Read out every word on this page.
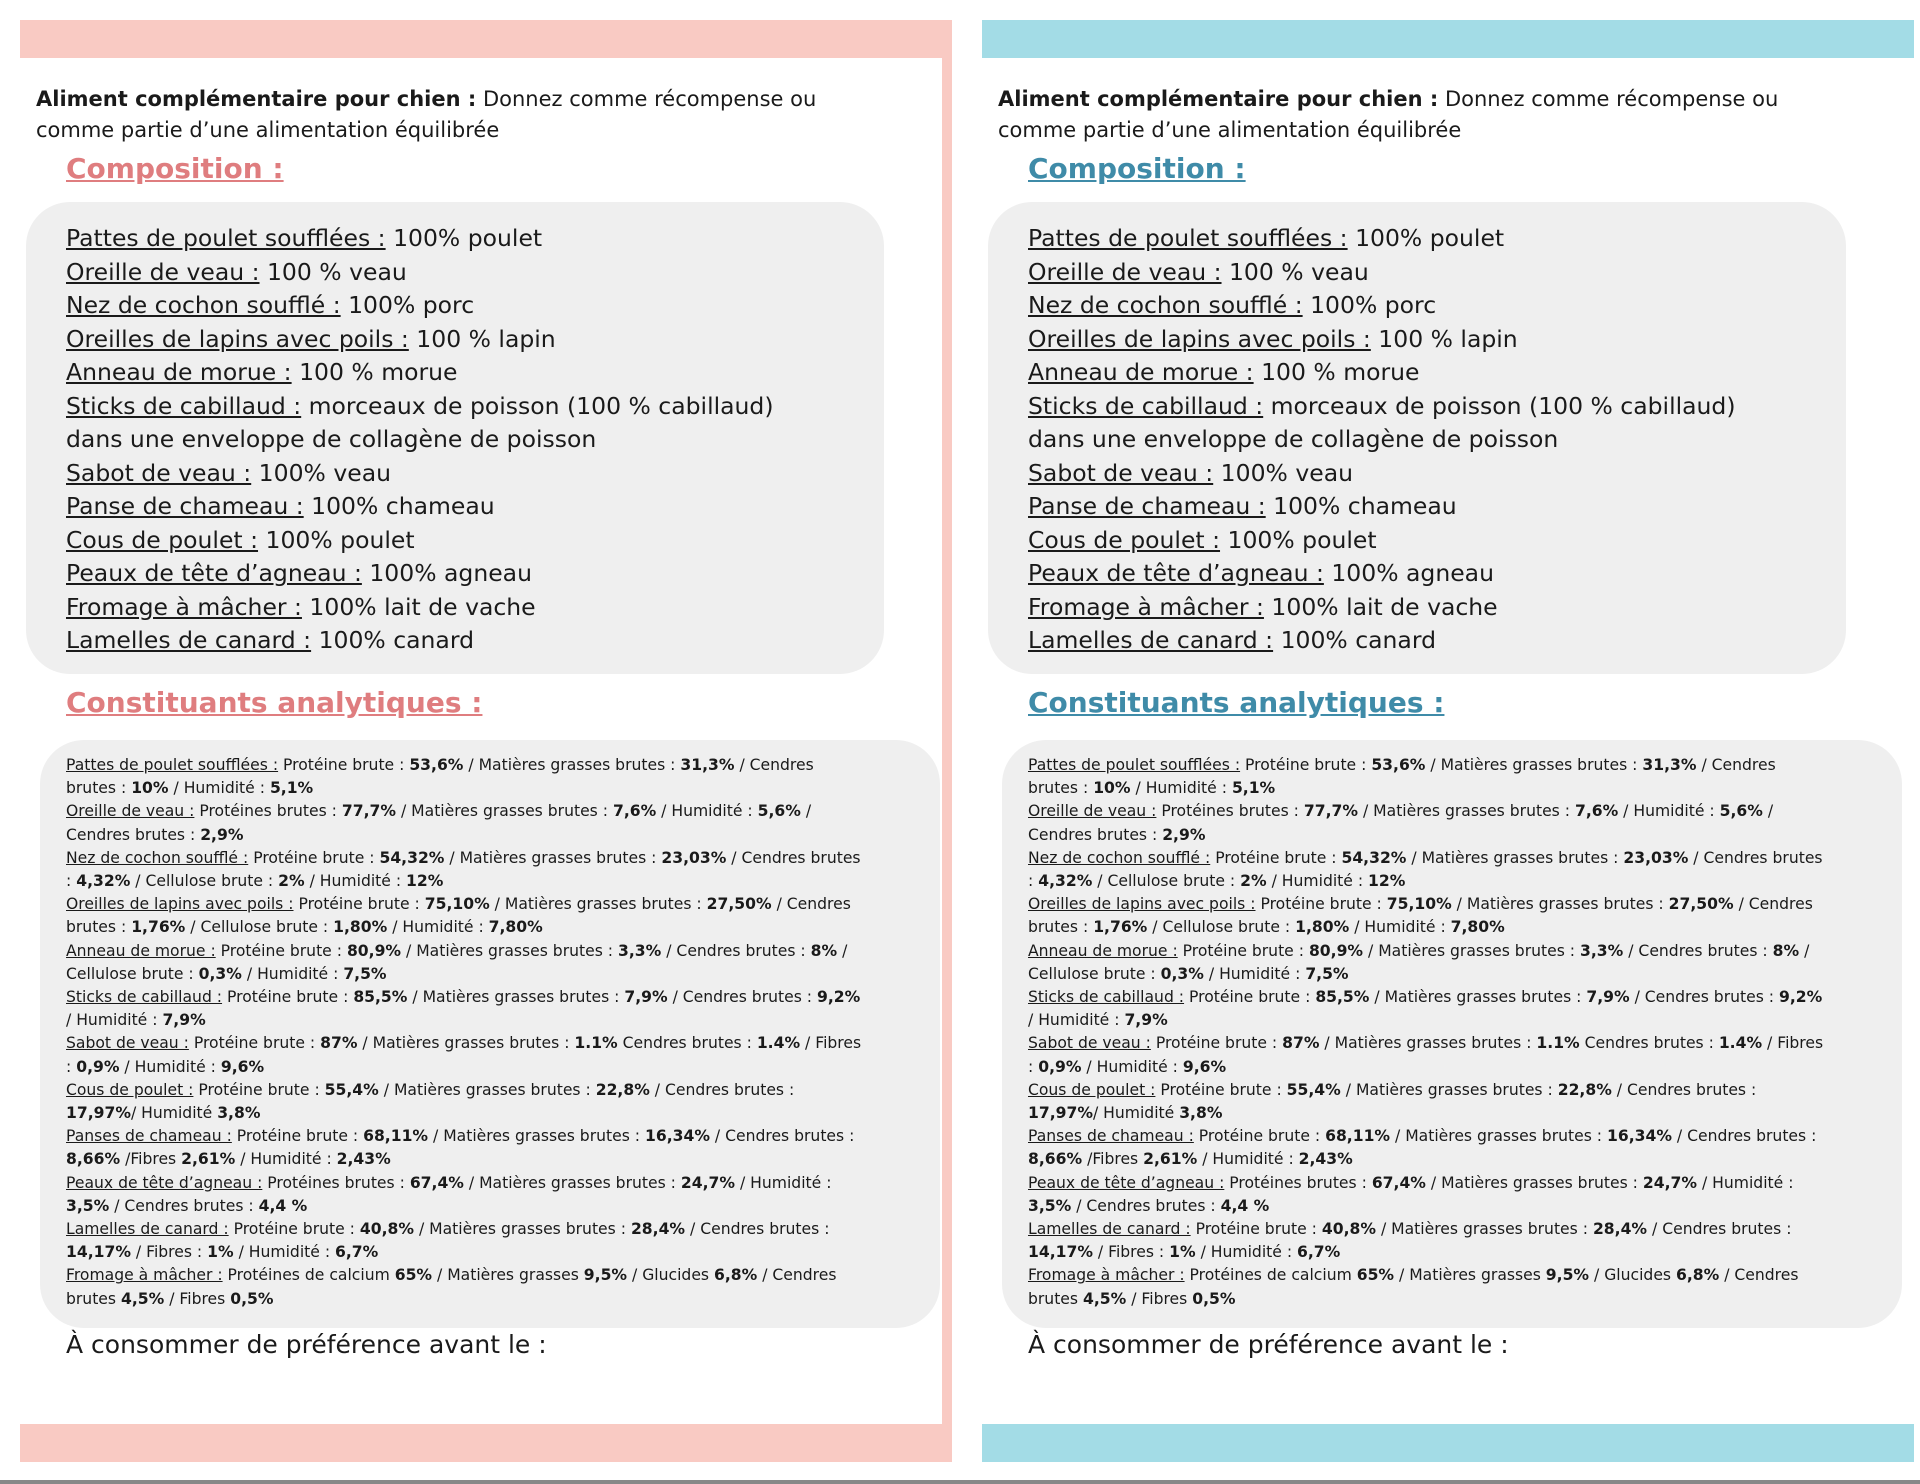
Aliment complémentaire pour chien : Donnez comme récompense ou comme partie d’une alimentation équilibrée
Composition :
Pattes de poulet soufflées : 100% poulet
Oreille de veau : 100 % veau
Nez de cochon soufflé : 100% porc
Oreilles de lapins avec poils : 100 % lapin
Anneau de morue : 100 % morue
Sticks de cabillaud : morceaux de poisson (100 % cabillaud)
dans une enveloppe de collagène de poisson
Sabot de veau : 100% veau
Panse de chameau : 100% chameau
Cous de poulet : 100% poulet
Peaux de tête d’agneau : 100% agneau
Fromage à mâcher : 100% lait de vache
Lamelles de canard : 100% canard
Constituants analytiques :

Pattes de poulet soufflées : Protéine brute : 53,6% / Matières grasses brutes : 31,3% / Cendres brutes : 10% / Humidité : 5,1%

Oreille de veau : Protéines brutes : 77,7% / Matières grasses brutes : 7,6% / Humidité : 5,6% / Cendres brutes : 2,9%

Nez de cochon soufflé : Protéine brute : 54,32% / Matières grasses brutes : 23,03% / Cendres brutes : 4,32% / Cellulose brute : 2% / Humidité : 12%

Oreilles de lapins avec poils : Protéine brute : 75,10% / Matières grasses brutes : 27,50% / Cendres brutes : 1,76% / Cellulose brute : 1,80% / Humidité : 7,80%

Anneau de morue : Protéine brute : 80,9% / Matières grasses brutes : 3,3% / Cendres brutes : 8% / Cellulose brute : 0,3% / Humidité : 7,5%

Sticks de cabillaud : Protéine brute : 85,5% / Matières grasses brutes : 7,9% / Cendres brutes : 9,2% / Humidité : 7,9%

Sabot de veau : Protéine brute : 87% / Matières grasses brutes : 1.1% Cendres brutes : 1.4% / Fibres : 0,9% / Humidité : 9,6%

Cous de poulet : Protéine brute : 55,4% / Matières grasses brutes : 22,8% / Cendres brutes : 17,97%/ Humidité 3,8%

Panses de chameau : Protéine brute : 68,11% / Matières grasses brutes : 16,34% / Cendres brutes : 8,66% /Fibres 2,61% / Humidité : 2,43%

Peaux de tête d’agneau : Protéines brutes : 67,4% / Matières grasses brutes : 24,7% / Humidité : 3,5% / Cendres brutes : 4,4 %

Lamelles de canard : Protéine brute : 40,8% / Matières grasses brutes : 28,4% / Cendres brutes : 14,17% / Fibres : 1% / Humidité : 6,7%

Fromage à mâcher : Protéines de calcium 65% / Matières grasses 9,5% / Glucides 6,8% / Cendres brutes 4,5% / Fibres 0,5%

À consommer de préférence avant le :
Aliment complémentaire pour chien : Donnez comme récompense ou comme partie d’une alimentation équilibrée
Composition :
Pattes de poulet soufflées : 100% poulet
Oreille de veau : 100 % veau
Nez de cochon soufflé : 100% porc
Oreilles de lapins avec poils : 100 % lapin
Anneau de morue : 100 % morue
Sticks de cabillaud : morceaux de poisson (100 % cabillaud)
dans une enveloppe de collagène de poisson
Sabot de veau : 100% veau
Panse de chameau : 100% chameau
Cous de poulet : 100% poulet
Peaux de tête d’agneau : 100% agneau
Fromage à mâcher : 100% lait de vache
Lamelles de canard : 100% canard
Constituants analytiques :

Pattes de poulet soufflées : Protéine brute : 53,6% / Matières grasses brutes : 31,3% / Cendres brutes : 10% / Humidité : 5,1%

Oreille de veau : Protéines brutes : 77,7% / Matières grasses brutes : 7,6% / Humidité : 5,6% / Cendres brutes : 2,9%

Nez de cochon soufflé : Protéine brute : 54,32% / Matières grasses brutes : 23,03% / Cendres brutes : 4,32% / Cellulose brute : 2% / Humidité : 12%

Oreilles de lapins avec poils : Protéine brute : 75,10% / Matières grasses brutes : 27,50% / Cendres brutes : 1,76% / Cellulose brute : 1,80% / Humidité : 7,80%

Anneau de morue : Protéine brute : 80,9% / Matières grasses brutes : 3,3% / Cendres brutes : 8% / Cellulose brute : 0,3% / Humidité : 7,5%

Sticks de cabillaud : Protéine brute : 85,5% / Matières grasses brutes : 7,9% / Cendres brutes : 9,2% / Humidité : 7,9%

Sabot de veau : Protéine brute : 87% / Matières grasses brutes : 1.1% Cendres brutes : 1.4% / Fibres : 0,9% / Humidité : 9,6%

Cous de poulet : Protéine brute : 55,4% / Matières grasses brutes : 22,8% / Cendres brutes : 17,97%/ Humidité 3,8%

Panses de chameau : Protéine brute : 68,11% / Matières grasses brutes : 16,34% / Cendres brutes : 8,66% /Fibres 2,61% / Humidité : 2,43%

Peaux de tête d’agneau : Protéines brutes : 67,4% / Matières grasses brutes : 24,7% / Humidité : 3,5% / Cendres brutes : 4,4 %

Lamelles de canard : Protéine brute : 40,8% / Matières grasses brutes : 28,4% / Cendres brutes : 14,17% / Fibres : 1% / Humidité : 6,7%

Fromage à mâcher : Protéines de calcium 65% / Matières grasses 9,5% / Glucides 6,8% / Cendres brutes 4,5% / Fibres 0,5%

À consommer de préférence avant le :
